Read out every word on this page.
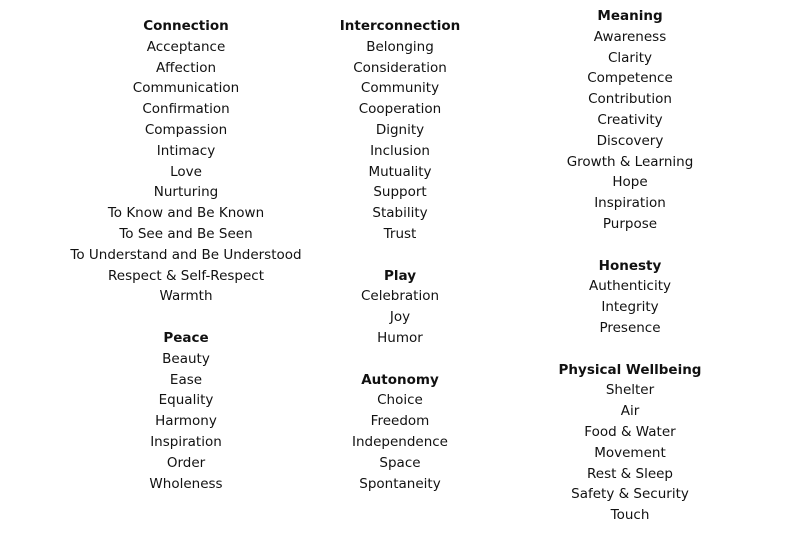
Connection
Acceptance
Affection
Communication
Confirmation
Compassion
Intimacy
Love
Nurturing
To Know and Be Known
To See and Be Seen
To Understand and Be Understood
Respect & Self-Respect
Warmth
Peace
Beauty
Ease
Equality
Harmony
Inspiration
Order
Wholeness
Interconnection
Belonging
Consideration
Community
Cooperation
Dignity
Inclusion
Mutuality
Support
Stability
Trust
Play
Celebration
Joy
Humor
Autonomy
Choice
Freedom
Independence
Space
Spontaneity
Meaning
Awareness
Clarity
Competence
Contribution
Creativity
Discovery
Growth & Learning
Hope
Inspiration
Purpose
Honesty
Authenticity
Integrity
Presence
Physical Wellbeing
Shelter
Air
Food & Water
Movement
Rest & Sleep
Safety & Security
Touch
